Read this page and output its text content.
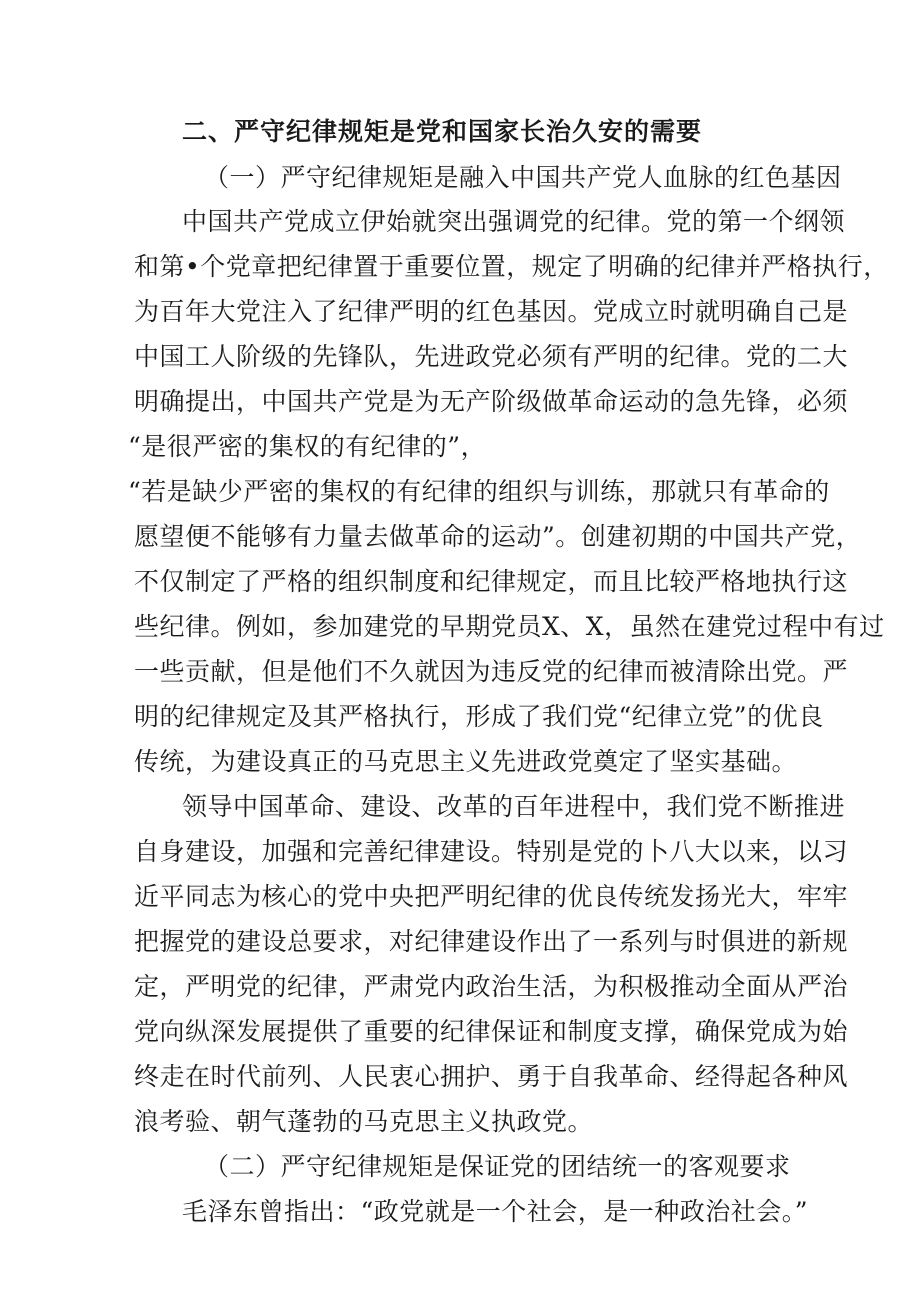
二、严守纪律规矩是党和国家长治久安的需要
（一）严守纪律规矩是融入中国共产党人血脉的红色基因
中国共产党成立伊始就突出强调党的纪律。党的第一个纲领
和第•个党章把纪律置于重要位置，规定了明确的纪律并严格执行，
为百年大党注入了纪律严明的红色基因。党成立时就明确自己是
中国工人阶级的先锋队，先进政党必须有严明的纪律。党的二大
明确提出，中国共产党是为无产阶级做革命运动的急先锋，必须
“是很严密的集权的有纪律的”，
“若是缺少严密的集权的有纪律的组织与训练，那就只有革命的
愿望便不能够有力量去做革命的运动”。创建初期的中国共产党，
不仅制定了严格的组织制度和纪律规定，而且比较严格地执行这
些纪律。例如，参加建党的早期党员X、X，虽然在建党过程中有过
一些贡献，但是他们不久就因为违反党的纪律而被清除出党。严
明的纪律规定及其严格执行，形成了我们党“纪律立党”的优良
传统，为建设真正的马克思主义先进政党奠定了坚实基础。
领导中国革命、建设、改革的百年进程中，我们党不断推进
自身建设，加强和完善纪律建设。特别是党的卜八大以来，以习
近平同志为核心的党中央把严明纪律的优良传统发扬光大，牢牢
把握党的建设总要求，对纪律建设作出了一系列与时俱进的新规
定，严明党的纪律，严肃党内政治生活，为积极推动全面从严治
党向纵深发展提供了重要的纪律保证和制度支撑，确保党成为始
终走在时代前列、人民衷心拥护、勇于自我革命、经得起各种风
浪考验、朝气蓬勃的马克思主义执政党。
（二）严守纪律规矩是保证党的团结统一的客观要求
毛泽东曾指出：“政党就是一个社会，是一种政治社会。”
